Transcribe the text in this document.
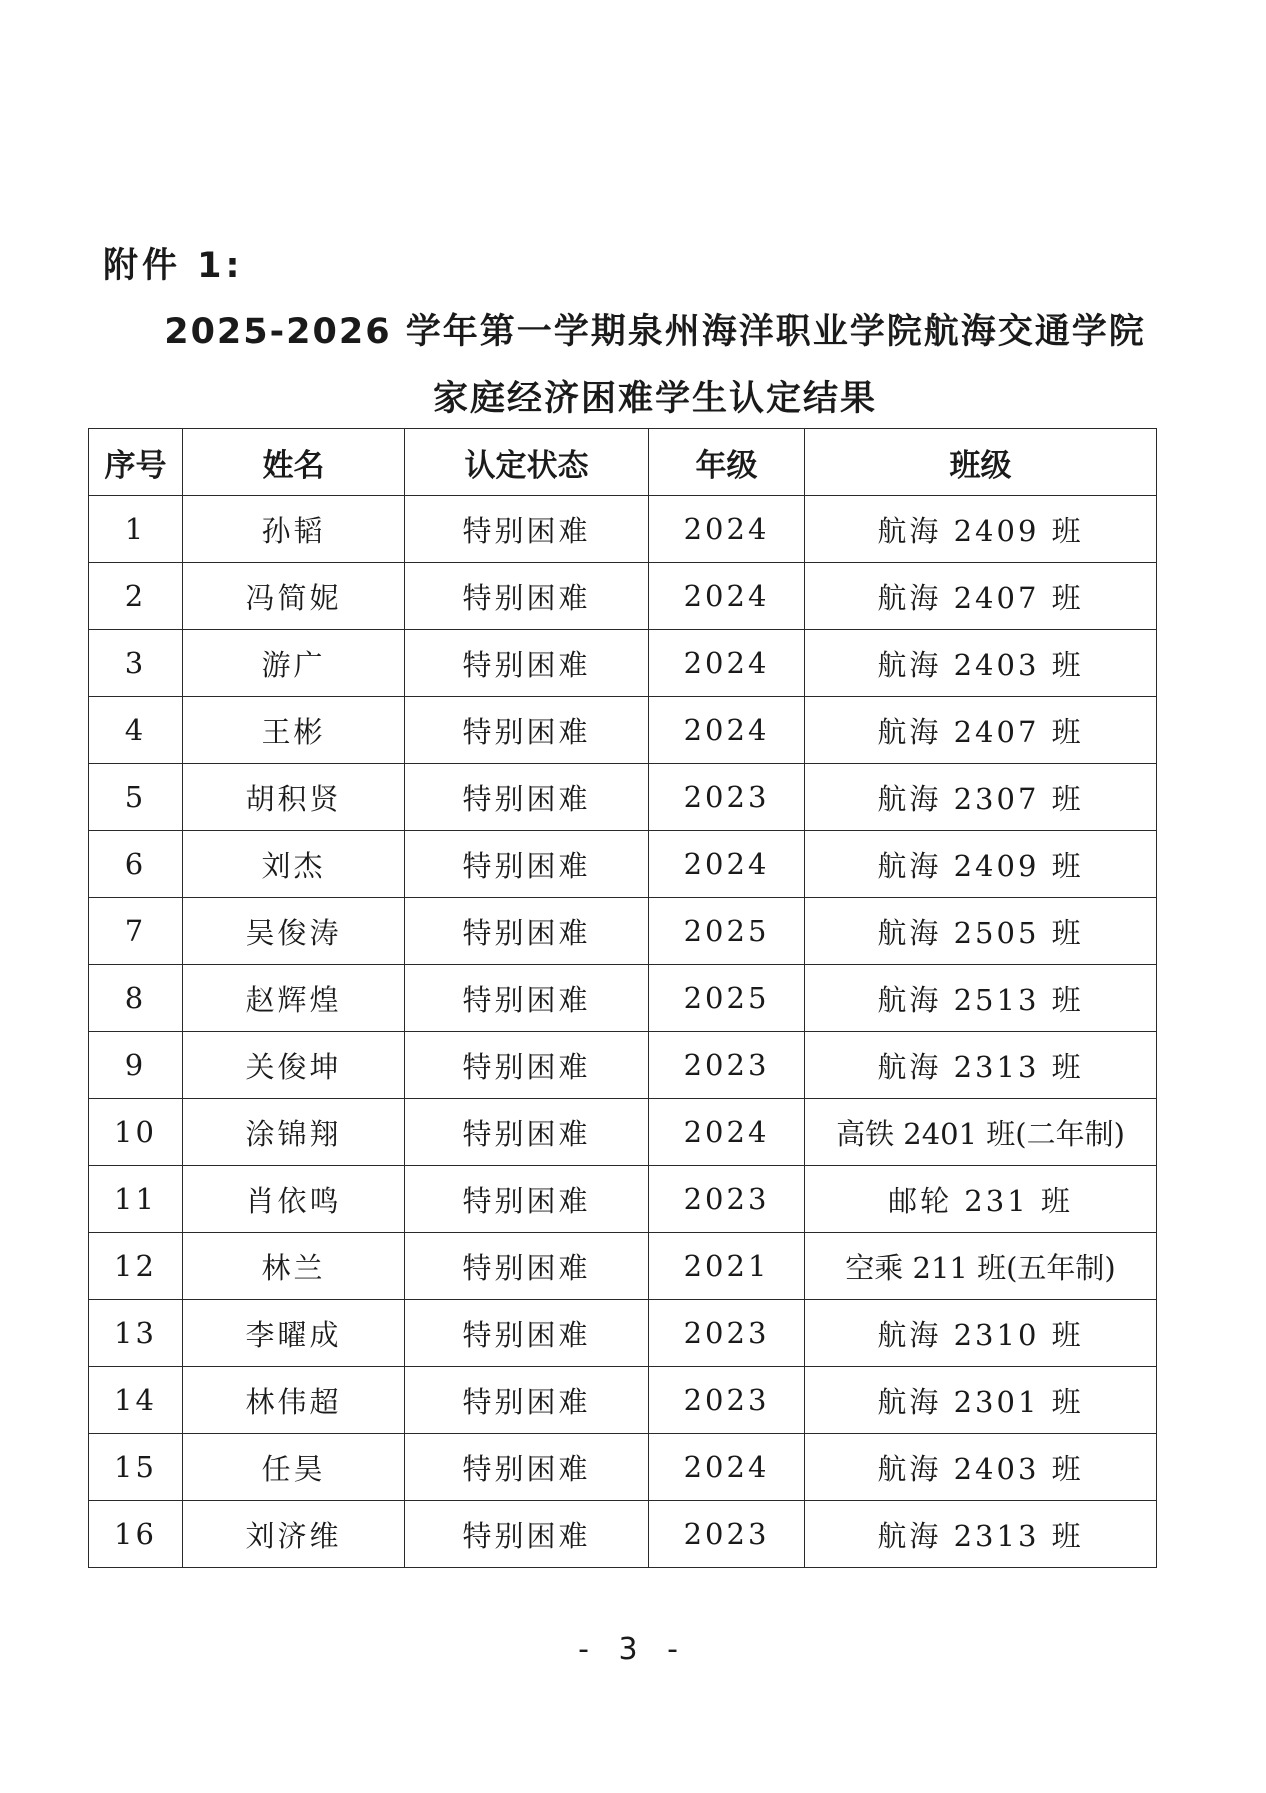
附件 1:
2025-2026 学年第一学期泉州海洋职业学院航海交通学院
家庭经济困难学生认定结果
序号	姓名	认定状态	年级	班级
1	孙韬	特别困难	2024	航海 2409 班
2	冯简妮	特别困难	2024	航海 2407 班
3	游广	特别困难	2024	航海 2403 班
4	王彬	特别困难	2024	航海 2407 班
5	胡积贤	特别困难	2023	航海 2307 班
6	刘杰	特别困难	2024	航海 2409 班
7	吴俊涛	特别困难	2025	航海 2505 班
8	赵辉煌	特别困难	2025	航海 2513 班
9	关俊坤	特别困难	2023	航海 2313 班
10	涂锦翔	特别困难	2024	高铁 2401 班(二年制)
11	肖依鸣	特别困难	2023	邮轮 231 班
12	林兰	特别困难	2021	空乘 211 班(五年制)
13	李曜成	特别困难	2023	航海 2310 班
14	林伟超	特别困难	2023	航海 2301 班
15	任昊	特别困难	2024	航海 2403 班
16	刘济维	特别困难	2023	航海 2313 班
- 3 -
